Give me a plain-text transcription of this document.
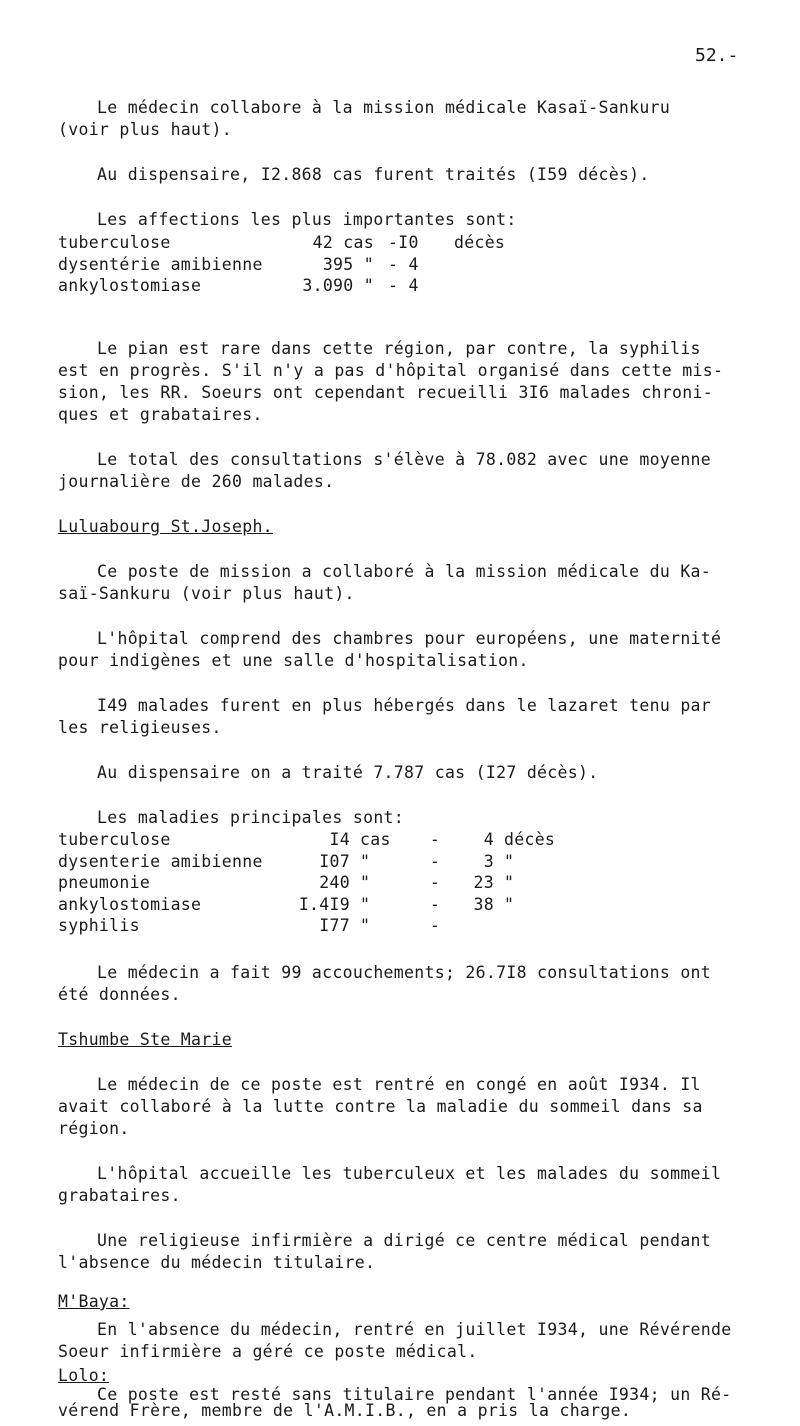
52.-
Le médecin collabore à la mission médicale Kasaï-Sankuru
(voir plus haut).
Au dispensaire, I2.868 cas furent traités (I59 décès).
Les affections les plus importantes sont:
tuberculose	42 cas	-I0	décès
dysentérie amibienne	395 "	- 4	
ankylostomiase	3.090 "	- 4	
Le pian est rare dans cette région, par contre, la syphilis
est en progrès. S'il n'y a pas d'hôpital organisé dans cette mis-
sion, les RR. Soeurs ont cependant recueilli 3I6 malades chroni-
ques et grabataires.
Le total des consultations s'élève à 78.082 avec une moyenne
journalière de 260 malades.
Luluabourg St.Joseph.
Ce poste de mission a collaboré à la mission médicale du Ka-
saï-Sankuru (voir plus haut).
L'hôpital comprend des chambres pour européens, une maternité
pour indigènes et une salle d'hospitalisation.
I49 malades furent en plus hébergés dans le lazaret tenu par
les religieuses.
Au dispensaire on a traité 7.787 cas (I27 décès).
Les maladies principales sont:
tuberculose	I4	cas	-	4	décès
dysenterie amibienne	I07	"	-	3	"
pneumonie	240	"	-	23	"
ankylostomiase	I.4I9	"	-	38	"
syphilis	I77	"	-		
Le médecin a fait 99 accouchements; 26.7I8 consultations ont
été données.
Tshumbe Ste Marie
Le médecin de ce poste est rentré en congé en août I934. Il
avait collaboré à la lutte contre la maladie du sommeil dans sa
région.
L'hôpital accueille les tuberculeux et les malades du sommeil
grabataires.
Une religieuse infirmière a dirigé ce centre médical pendant
l'absence du médecin titulaire.
M'Baya:
En l'absence du médecin, rentré en juillet I934, une Révérende
Soeur infirmière a géré ce poste médical.
Lolo:
Ce poste est resté sans titulaire pendant l'année I934; un Ré-
vérend Frère, membre de l'A.M.I.B., en a pris la charge.
